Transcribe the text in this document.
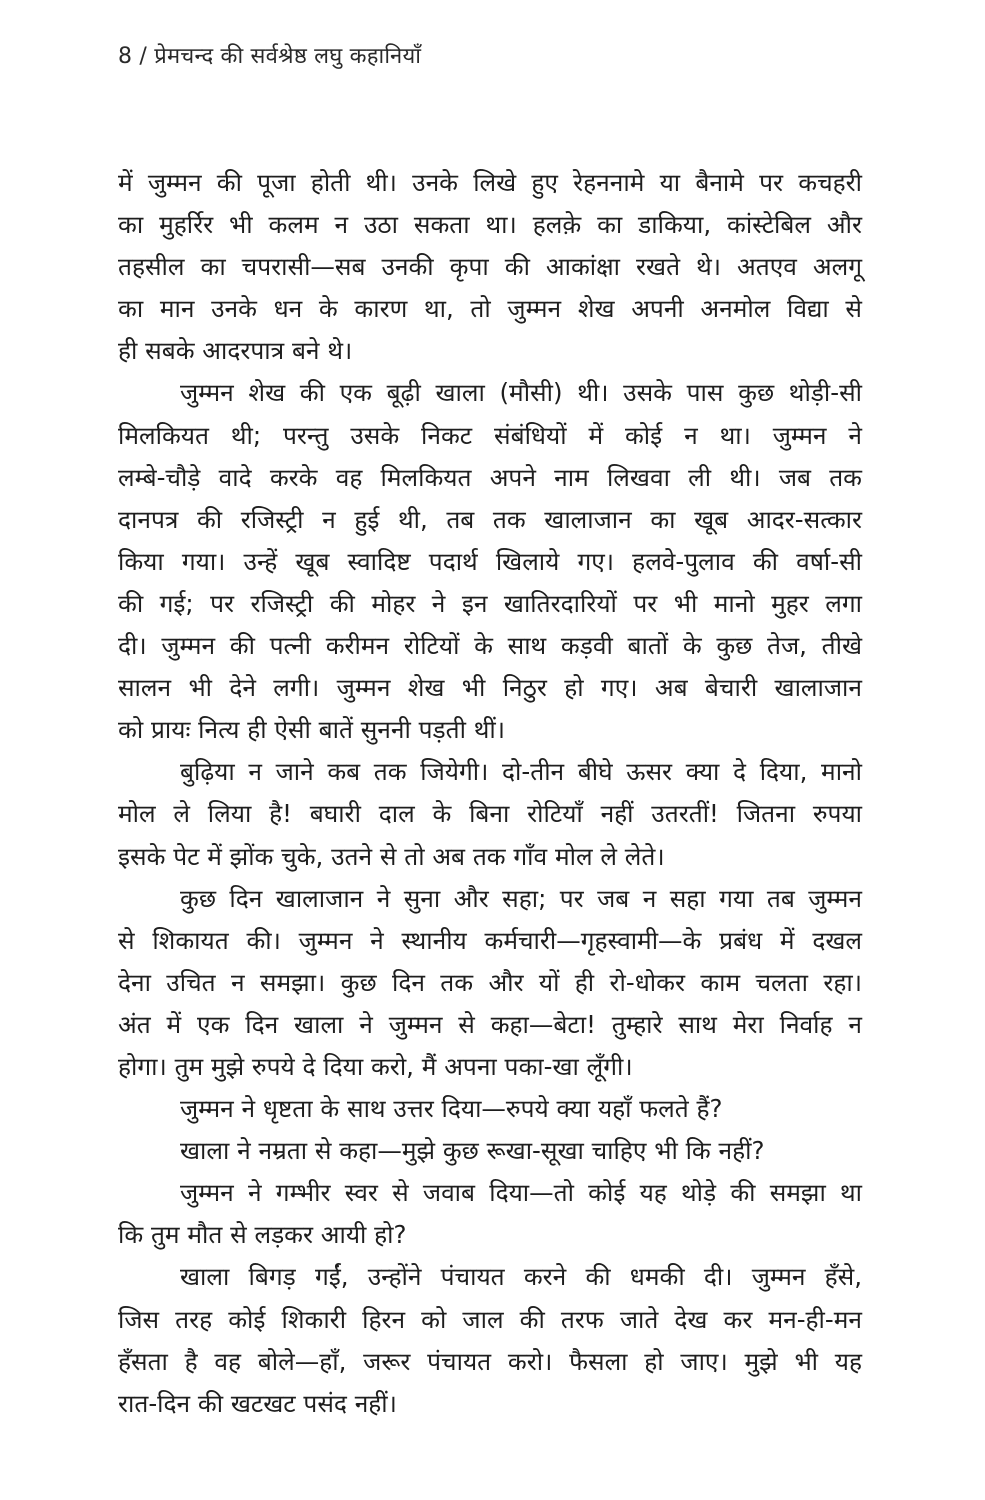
8 / प्रेमचन्द की सर्वश्रेष्ठ लघु कहानियाँ
में जुम्मन की पूजा होती थी। उनके लिखे हुए रेहननामे या बैनामे पर कचहरी
का मुहर्रिर भी कलम न उठा सकता था। हलक़े का डाकिया, कांस्टेबिल और
तहसील का चपरासी—सब उनकी कृपा की आकांक्षा रखते थे। अतएव अलगू
का मान उनके धन के कारण था, तो जुम्मन शेख अपनी अनमोल विद्या से
ही सबके आदरपात्र बने थे।
जुम्मन शेख की एक बूढ़ी खाला (मौसी) थी। उसके पास कुछ थोड़ी-सी
मिलकियत थी; परन्तु उसके निकट संबंधियों में कोई न था। जुम्मन ने
लम्बे-चौड़े वादे करके वह मिलकियत अपने नाम लिखवा ली थी। जब तक
दानपत्र की रजिस्ट्री न हुई थी, तब तक खालाजान का खूब आदर-सत्कार
किया गया। उन्हें खूब स्वादिष्ट पदार्थ खिलाये गए। हलवे-पुलाव की वर्षा-सी
की गई; पर रजिस्ट्री की मोहर ने इन खातिरदारियों पर भी मानो मुहर लगा
दी। जुम्मन की पत्नी करीमन रोटियों के साथ कड़वी बातों के कुछ तेज, तीखे
सालन भी देने लगी। जुम्मन शेख भी निठुर हो गए। अब बेचारी खालाजान
को प्रायः नित्य ही ऐसी बातें सुननी पड़ती थीं।
बुढ़िया न जाने कब तक जियेगी। दो-तीन बीघे ऊसर क्या दे दिया, मानो
मोल ले लिया है! बघारी दाल के बिना रोटियाँ नहीं उतरतीं! जितना रुपया
इसके पेट में झोंक चुके, उतने से तो अब तक गाँव मोल ले लेते।
कुछ दिन खालाजान ने सुना और सहा; पर जब न सहा गया तब जुम्मन
से शिकायत की। जुम्मन ने स्थानीय कर्मचारी—गृहस्वामी—के प्रबंध में दखल
देना उचित न समझा। कुछ दिन तक और यों ही रो-धोकर काम चलता रहा।
अंत में एक दिन खाला ने जुम्मन से कहा—बेटा! तुम्हारे साथ मेरा निर्वाह न
होगा। तुम मुझे रुपये दे दिया करो, मैं अपना पका-खा लूँगी।
जुम्मन ने धृष्टता के साथ उत्तर दिया—रुपये क्या यहाँ फलते हैं?
खाला ने नम्रता से कहा—मुझे कुछ रूखा-सूखा चाहिए भी कि नहीं?
जुम्मन ने गम्भीर स्वर से जवाब दिया—तो कोई यह थोड़े की समझा था
कि तुम मौत से लड़कर आयी हो?
खाला बिगड़ गईं, उन्होंने पंचायत करने की धमकी दी। जुम्मन हँसे,
जिस तरह कोई शिकारी हिरन को जाल की तरफ जाते देख कर मन-ही-मन
हँसता है वह बोले—हाँ, जरूर पंचायत करो। फैसला हो जाए। मुझे भी यह
रात-दिन की खटखट पसंद नहीं।
